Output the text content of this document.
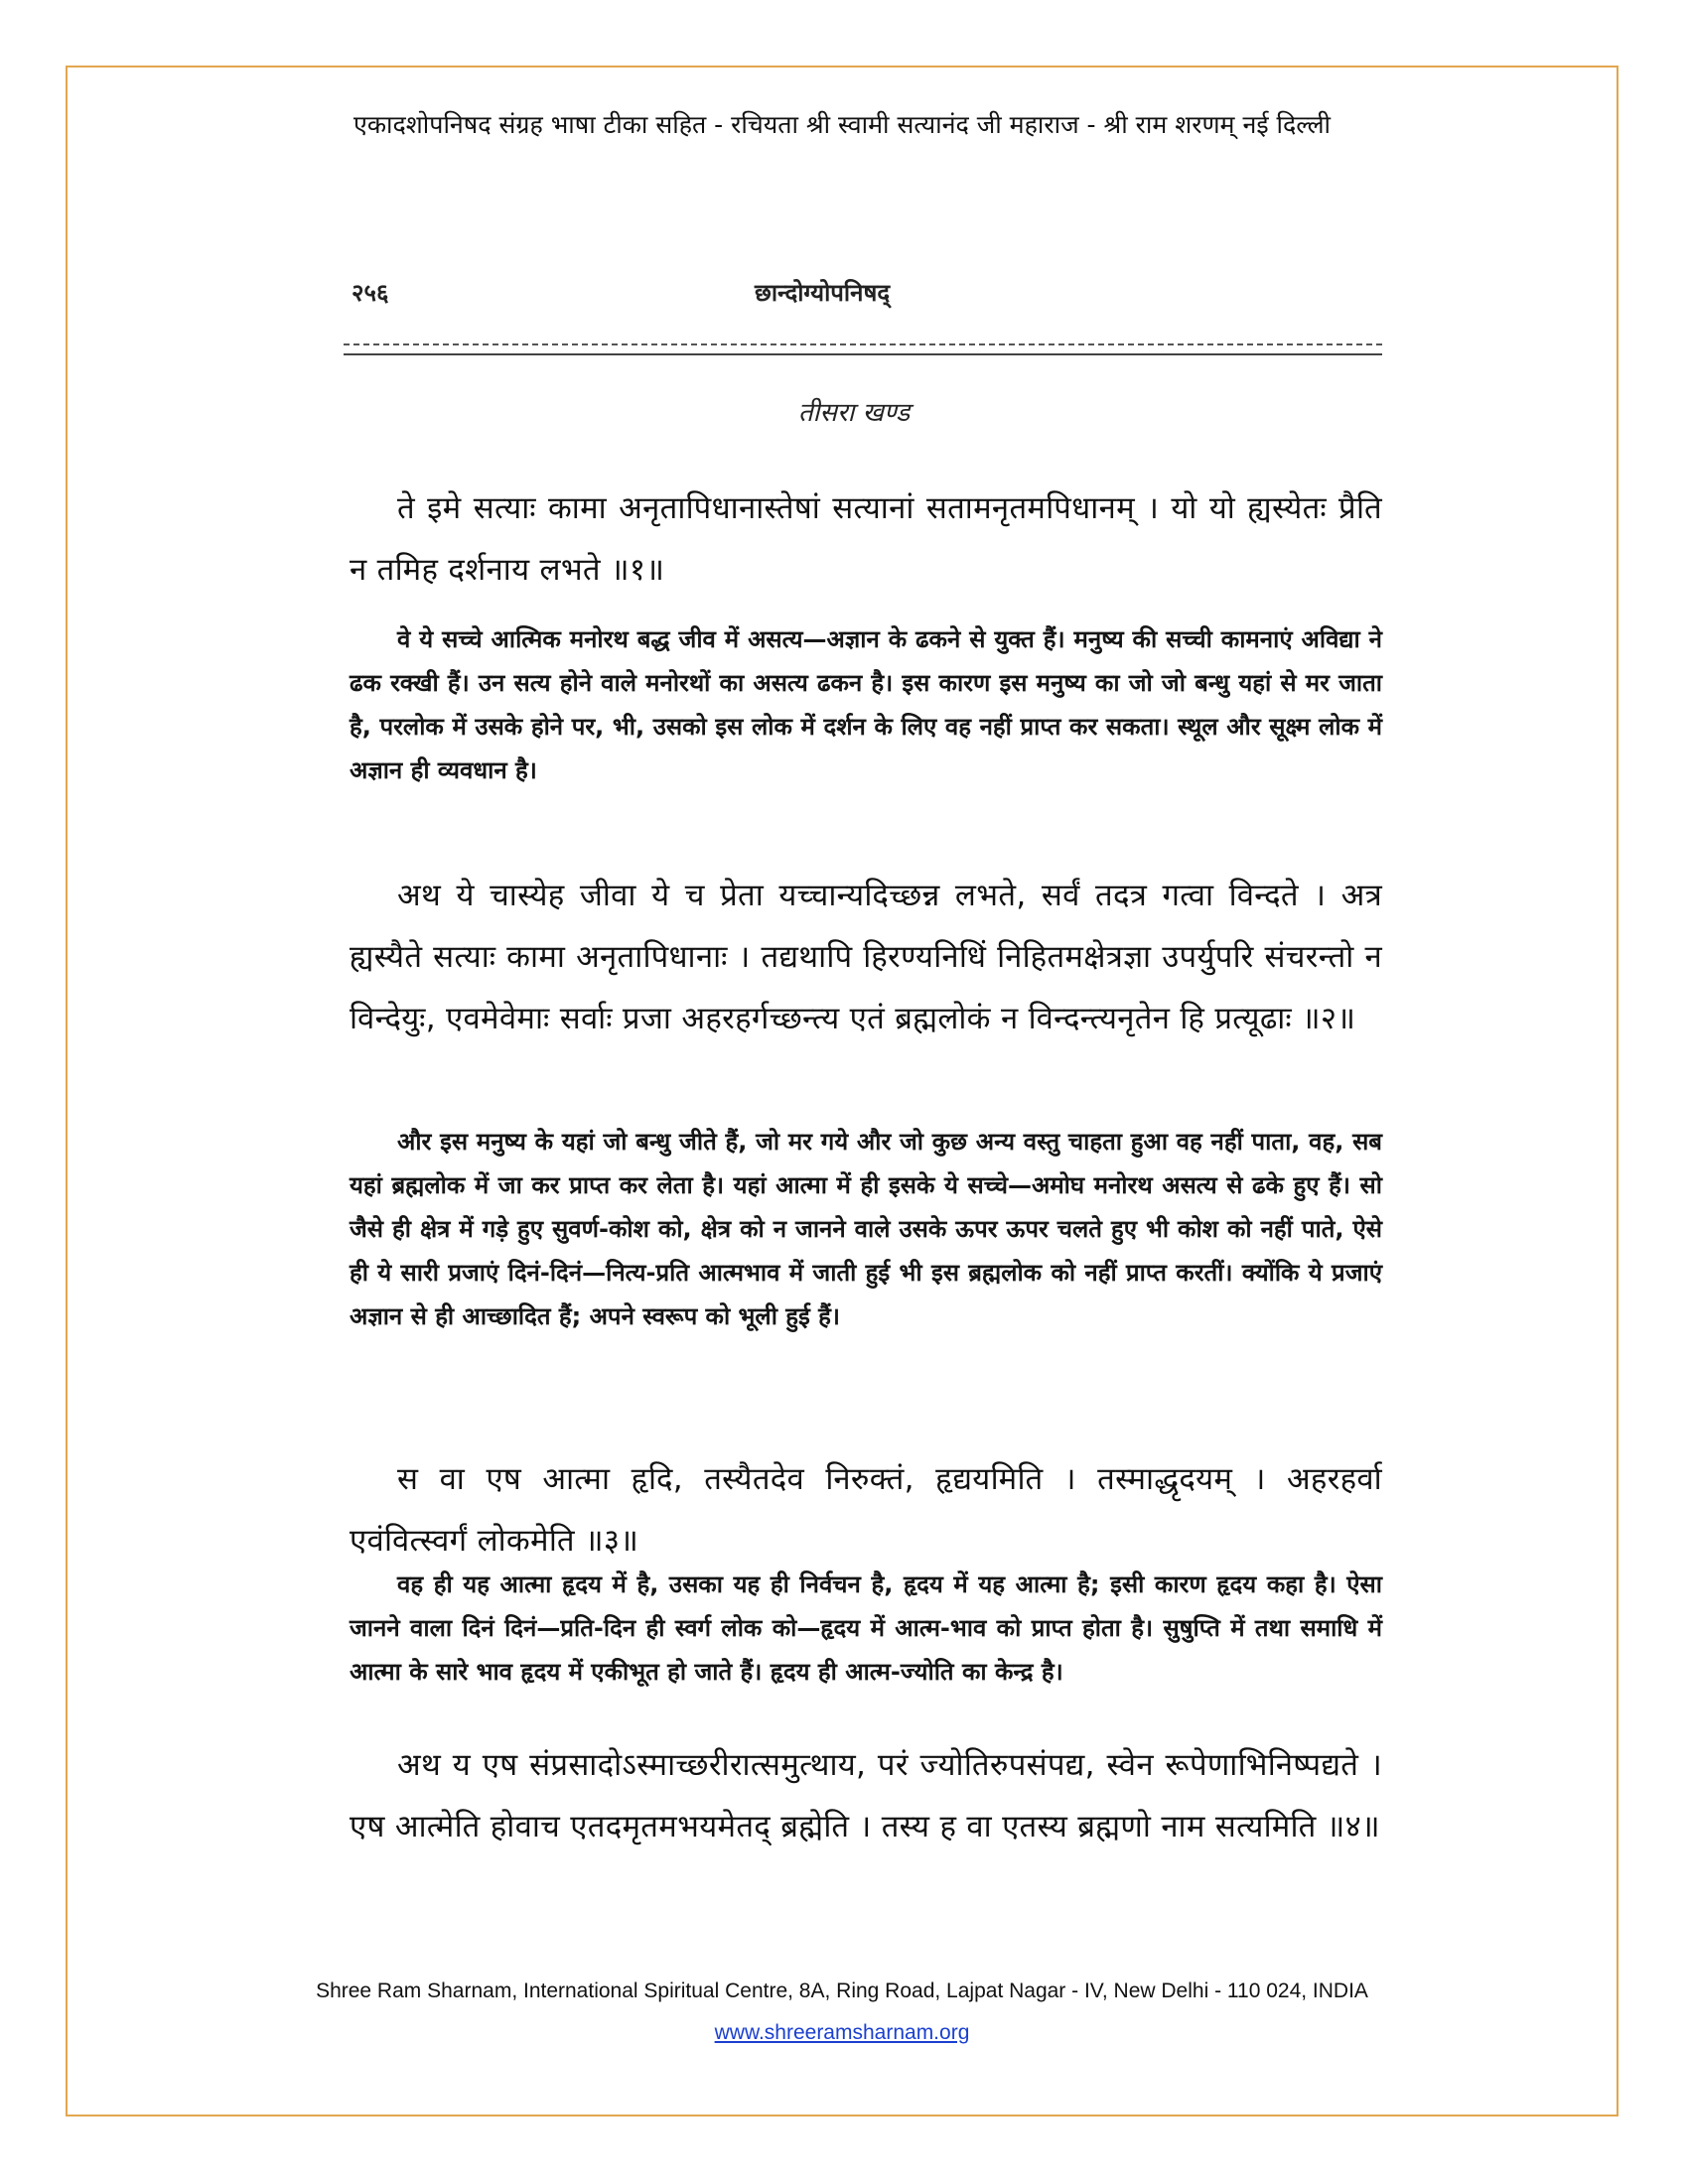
एकादशोपनिषद संग्रह भाषा टीका सहित - रचियता श्री स्वामी सत्यानंद जी महाराज - श्री राम शरणम् नई दिल्ली
२५६	छान्दोग्योपनिषद्
तीसरा खण्ड

ते इमे सत्याः कामा अनृतापिधानास्तेषां सत्यानां सतामनृतमपिधानम् । यो यो ह्यस्येतः प्रैति न तमिह दर्शनाय लभते ॥१॥

वे ये सच्चे आत्मिक मनोरथ बद्ध जीव में असत्य—अज्ञान के ढकने से युक्त हैं। मनुष्य की सच्ची कामनाएं अविद्या ने ढक रक्खी हैं। उन सत्य होने वाले मनोरथों का असत्य ढकन है। इस कारण इस मनुष्य का जो जो बन्धु यहां से मर जाता है, परलोक में उसके होने पर, भी, उसको इस लोक में दर्शन के लिए वह नहीं प्राप्त कर सकता। स्थूल और सूक्ष्म लोक में अज्ञान ही व्यवधान है।

अथ ये चास्येह जीवा ये च प्रेता यच्चान्यदिच्छन्न लभते, सर्वं तदत्र गत्वा विन्दते । अत्र ह्यस्यैते सत्याः कामा अनृतापिधानाः । तद्यथापि हिरण्यनिधिं निहितमक्षेत्रज्ञा उपर्युपरि संचरन्तो न विन्देयुः, एवमेवेमाः सर्वाः प्रजा अहरहर्गच्छन्त्य एतं ब्रह्मलोकं न विन्दन्त्यनृतेन हि प्रत्यूढाः ॥२॥

और इस मनुष्य के यहां जो बन्धु जीते हैं, जो मर गये और जो कुछ अन्य वस्तु चाहता हुआ वह नहीं पाता, वह, सब यहां ब्रह्मलोक में जा कर प्राप्त कर लेता है। यहां आत्मा में ही इसके ये सच्चे—अमोघ मनोरथ असत्य से ढके हुए हैं। सो जैसे ही क्षेत्र में गड़े हुए सुवर्ण-कोश को, क्षेत्र को न जानने वाले उसके ऊपर ऊपर चलते हुए भी कोश को नहीं पाते, ऐसे ही ये सारी प्रजाएं दिनं-दिनं—नित्य-प्रति आत्मभाव में जाती हुई भी इस ब्रह्मलोक को नहीं प्राप्त करतीं। क्योंकि ये प्रजाएं अज्ञान से ही आच्छादित हैं; अपने स्वरूप को भूली हुई हैं।

स वा एष आत्मा हृदि, तस्यैतदेव निरुक्तं, हृद्ययमिति । तस्माद्धृदयम् । अहरहर्वा एवंवित्स्वर्गं लोकमेति ॥३॥

वह ही यह आत्मा हृदय में है, उसका यह ही निर्वचन है, हृदय में यह आत्मा है; इसी कारण हृदय कहा है। ऐसा जानने वाला दिनं दिनं—प्रति-दिन ही स्वर्ग लोक को—हृदय में आत्म-भाव को प्राप्त होता है। सुषुप्ति में तथा समाधि में आत्मा के सारे भाव हृदय में एकीभूत हो जाते हैं। हृदय ही आत्म-ज्योति का केन्द्र है।

अथ य एष संप्रसादोऽस्माच्छरीरात्समुत्थाय, परं ज्योतिरुपसंपद्य, स्वेन रूपेणाभिनिष्पद्यते । एष आत्मेति होवाच एतदमृतमभयमेतद् ब्रह्मेति । तस्य ह वा एतस्य ब्रह्मणो नाम सत्यमिति ॥४॥

Shree Ram Sharnam, International Spiritual Centre, 8A, Ring Road, Lajpat Nagar - IV, New Delhi - 110 024, INDIA
www.shreeramsharnam.org
